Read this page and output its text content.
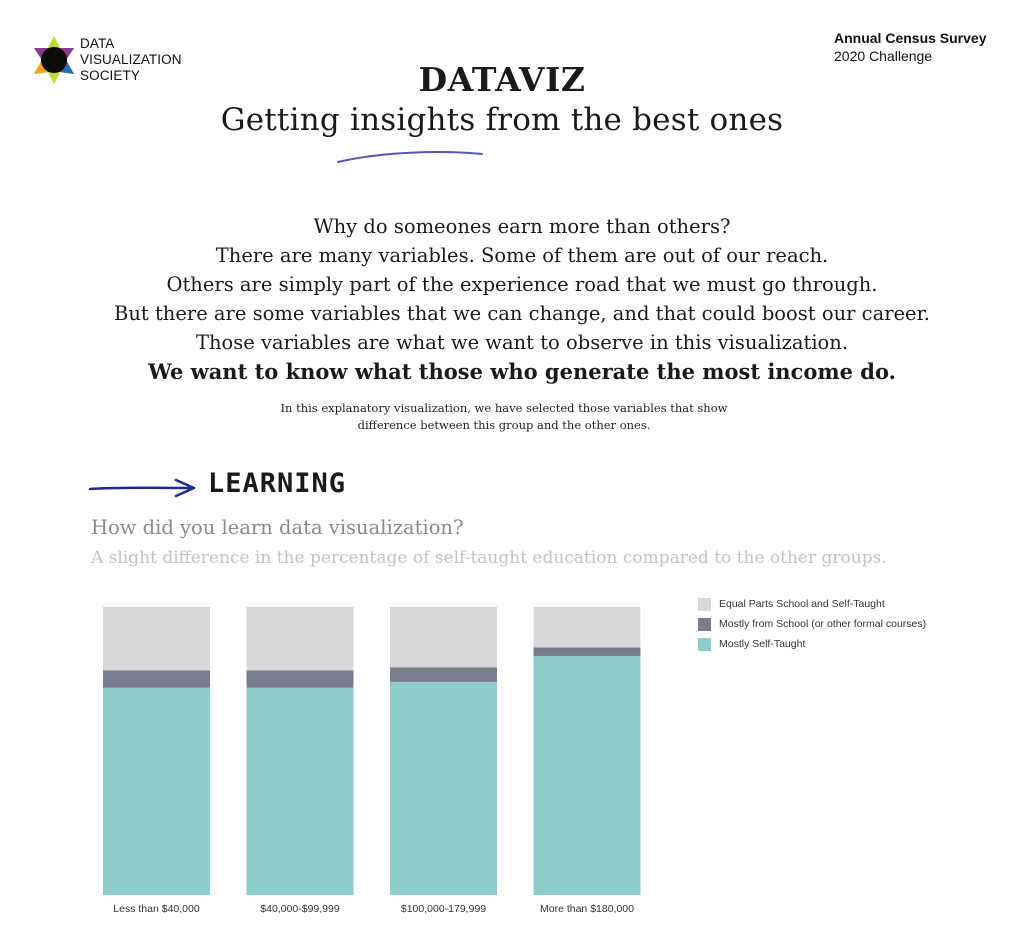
DATA
VISUALIZATION
SOCIETY
Annual Census Survey
2020 Challenge
DATAVIZ
Getting insights from the best ones
Why do someones earn more than others?
There are many variables. Some of them are out of our reach.
Others are simply part of the experience road that we must go through.
But there are some variables that we can change, and that could boost our career.
Those variables are what we want to observe in this visualization.
We want to know what those who generate the most income do.
In this explanatory visualization, we have selected those variables that show
difference between this group and the other ones.
LEARNING
How did you learn data visualization?
A slight difference in the percentage of self-taught education compared to the other groups.
Less than $40,000	$40,000-$99,999	$100,000-179,999	More than $180,000
Equal Parts School and Self-Taught
Mostly from School (or other formal courses)
Mostly Self-Taught
